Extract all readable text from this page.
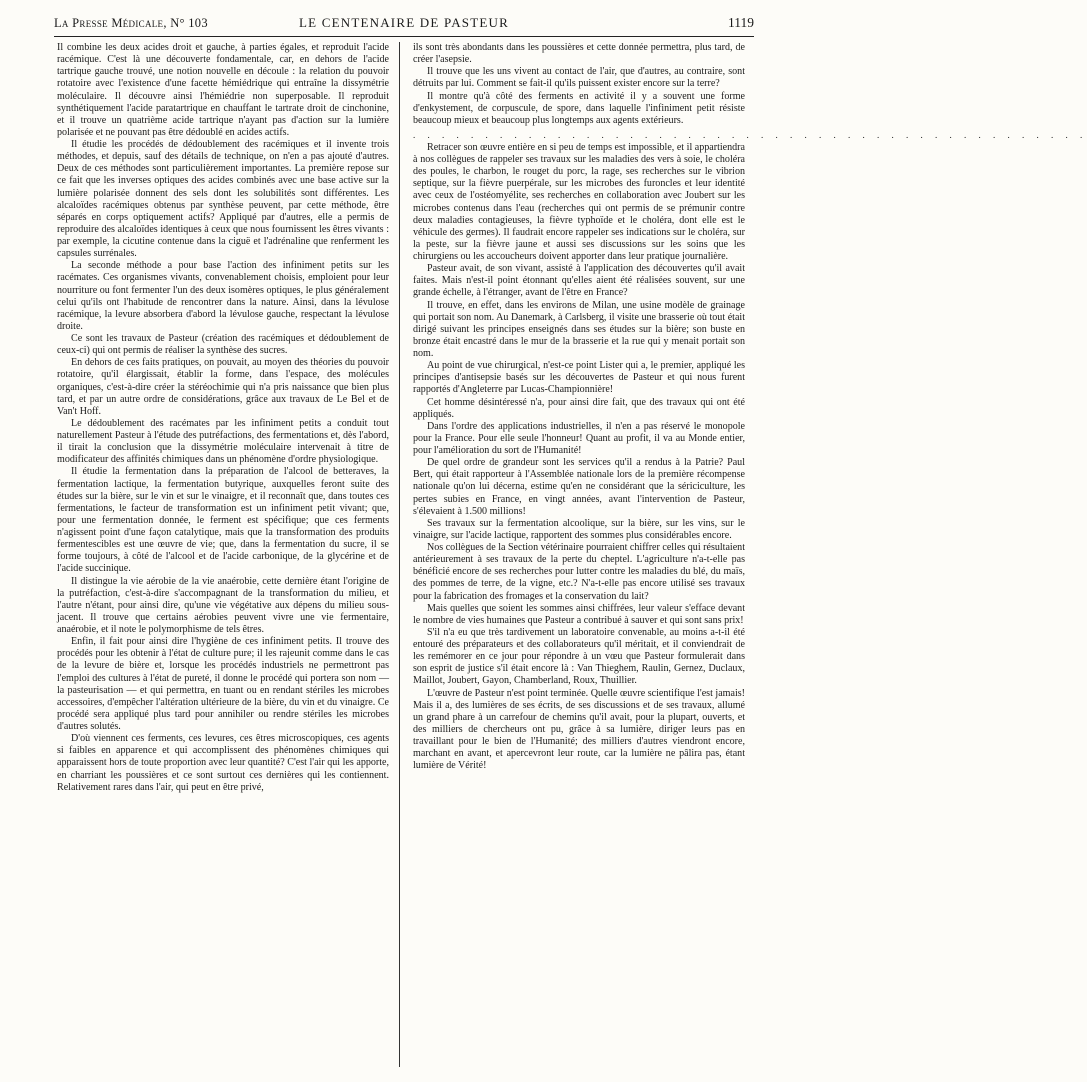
La Presse Médicale, N° 103	LE CENTENAIRE DE PASTEUR	1119

Il combine les deux acides droit et gauche, à parties égales, et reproduit l'acide racémique. C'est là une découverte fondamentale, car, en dehors de l'acide tartrique gauche trouvé, une notion nouvelle en découle : la relation du pouvoir rotatoire avec l'existence d'une facette hémiédrique qui entraîne la dissymétrie moléculaire. Il découvre ainsi l'hémiédrie non superposable. Il reproduit synthétiquement l'acide paratartrique en chauffant le tartrate droit de cinchonine, et il trouve un quatrième acide tartrique n'ayant pas d'action sur la lumière polarisée et ne pouvant pas être dédoublé en acides actifs.

Il étudie les procédés de dédoublement des racémiques et il invente trois méthodes, et depuis, sauf des détails de technique, on n'en a pas ajouté d'autres. Deux de ces méthodes sont particulièrement importantes. La première repose sur ce fait que les inverses optiques des acides combinés avec une base active sur la lumière polarisée donnent des sels dont les solubilités sont différentes. Les alcaloïdes racémiques obtenus par synthèse peuvent, par cette méthode, être séparés en corps optiquement actifs? Appliqué par d'autres, elle a permis de reproduire des alcaloïdes identiques à ceux que nous fournissent les êtres vivants : par exemple, la cicutine contenue dans la ciguë et l'adrénaline que renferment les capsules surrénales.

La seconde méthode a pour base l'action des infiniment petits sur les racémates. Ces organismes vivants, convenablement choisis, emploient pour leur nourriture ou font fermenter l'un des deux isomères optiques, le plus généralement celui qu'ils ont l'habitude de rencontrer dans la nature. Ainsi, dans la lévulose racémique, la levure absorbera d'abord la lévulose gauche, respectant la lévulose droite.

Ce sont les travaux de Pasteur (création des racémiques et dédoublement de ceux-ci) qui ont permis de réaliser la synthèse des sucres.

En dehors de ces faits pratiques, on pouvait, au moyen des théories du pouvoir rotatoire, qu'il élargissait, établir la forme, dans l'espace, des molécules organiques, c'est-à-dire créer la stéréochimie qui n'a pris naissance que bien plus tard, et par un autre ordre de considérations, grâce aux travaux de Le Bel et de Van't Hoff.

Le dédoublement des racémates par les infiniment petits a conduit tout naturellement Pasteur à l'étude des putréfactions, des fermentations et, dès l'abord, il tirait la conclusion que la dissymétrie moléculaire intervenait à titre de modificateur des affinités chimiques dans un phénomène d'ordre physiologique.

Il étudie la fermentation dans la préparation de l'alcool de betteraves, la fermentation lactique, la fermentation butyrique, auxquelles feront suite des études sur la bière, sur le vin et sur le vinaigre, et il reconnaît que, dans toutes ces fermentations, le facteur de transformation est un infiniment petit vivant; que, pour une fermentation donnée, le ferment est spécifique; que ces ferments n'agissent point d'une façon catalytique, mais que la transformation des produits fermentescibles est une œuvre de vie; que, dans la fermentation du sucre, il se forme toujours, à côté de l'alcool et de l'acide carbonique, de la glycérine et de l'acide succinique.

Il distingue la vie aérobie de la vie anaérobie, cette dernière étant l'origine de la putréfaction, c'est-à-dire s'accompagnant de la transformation du milieu, et l'autre n'étant, pour ainsi dire, qu'une vie végétative aux dépens du milieu sous-jacent. Il trouve que certains aérobies peuvent vivre une vie fermentaire, anaérobie, et il note le polymorphisme de tels êtres.

Enfin, il fait pour ainsi dire l'hygiène de ces infiniment petits. Il trouve des procédés pour les obtenir à l'état de culture pure; il les rajeunit comme dans le cas de la levure de bière et, lorsque les procédés industriels ne permettront pas l'emploi des cultures à l'état de pureté, il donne le procédé qui portera son nom — la pasteurisation — et qui permettra, en tuant ou en rendant stériles les microbes accessoires, d'empêcher l'altération ultérieure de la bière, du vin et du vinaigre. Ce procédé sera appliqué plus tard pour annihiler ou rendre stériles les microbes d'autres solutés.

D'où viennent ces ferments, ces levures, ces êtres microscopiques, ces agents si faibles en apparence et qui accomplissent des phénomènes chimiques qui apparaissent hors de toute proportion avec leur quantité? C'est l'air qui les apporte, en charriant les poussières et ce sont surtout ces dernières qui les contiennent. Relativement rares dans l'air, qui peut en être privé,

ils sont très abondants dans les poussières et cette donnée permettra, plus tard, de créer l'asepsie.

Il trouve que les uns vivent au contact de l'air, que d'autres, au contraire, sont détruits par lui. Comment se fait-il qu'ils puissent exister encore sur la terre?

Il montre qu'à côté des ferments en activité il y a souvent une forme d'enkystement, de corpuscule, de spore, dans laquelle l'infiniment petit résiste beaucoup mieux et beaucoup plus longtemps aux agents extérieurs.

. . . . . . . . . . . . . . . . . . . . . . . . . . . . . . . . . . . . . . . . . . . . . . .

Retracer son œuvre entière en si peu de temps est impossible, et il appartiendra à nos collègues de rappeler ses travaux sur les maladies des vers à soie, le choléra des poules, le charbon, le rouget du porc, la rage, ses recherches sur le vibrion septique, sur la fièvre puerpérale, sur les microbes des furoncles et leur identité avec ceux de l'ostéomyélite, ses recherches en collaboration avec Joubert sur les microbes contenus dans l'eau (recherches qui ont permis de se prémunir contre deux maladies contagieuses, la fièvre typhoïde et le choléra, dont elle est le véhicule des germes). Il faudrait encore rappeler ses indications sur le choléra, sur la peste, sur la fièvre jaune et aussi ses discussions sur les soins que les chirurgiens ou les accoucheurs doivent apporter dans leur pratique journalière.

Pasteur avait, de son vivant, assisté à l'application des découvertes qu'il avait faites. Mais n'est-il point étonnant qu'elles aient été réalisées souvent, sur une grande échelle, à l'étranger, avant de l'être en France?

Il trouve, en effet, dans les environs de Milan, une usine modèle de grainage qui portait son nom. Au Danemark, à Carlsberg, il visite une brasserie où tout était dirigé suivant les principes enseignés dans ses études sur la bière; son buste en bronze était encastré dans le mur de la brasserie et la rue qui y menait portait son nom.

Au point de vue chirurgical, n'est-ce point Lister qui a, le premier, appliqué les principes d'antisepsie basés sur les découvertes de Pasteur et qui nous furent rapportés d'Angleterre par Lucas-Championnière!

Cet homme désintéressé n'a, pour ainsi dire fait, que des travaux qui ont été appliqués.

Dans l'ordre des applications industrielles, il n'en a pas réservé le monopole pour la France. Pour elle seule l'honneur! Quant au profit, il va au Monde entier, pour l'amélioration du sort de l'Humanité!

De quel ordre de grandeur sont les services qu'il a rendus à la Patrie? Paul Bert, qui était rapporteur à l'Assemblée nationale lors de la première récompense nationale qu'on lui décerna, estime qu'en ne considérant que la sériciculture, les pertes subies en France, en vingt années, avant l'intervention de Pasteur, s'élevaient à 1.500 millions!

Ses travaux sur la fermentation alcoolique, sur la bière, sur les vins, sur le vinaigre, sur l'acide lactique, rapportent des sommes plus considérables encore.

Nos collègues de la Section vétérinaire pourraient chiffrer celles qui résultaient antérieurement à ses travaux de la perte du cheptel. L'agriculture n'a-t-elle pas bénéficié encore de ses recherches pour lutter contre les maladies du blé, du maïs, des pommes de terre, de la vigne, etc.? N'a-t-elle pas encore utilisé ses travaux pour la fabrication des fromages et la conservation du lait?

Mais quelles que soient les sommes ainsi chiffrées, leur valeur s'efface devant le nombre de vies humaines que Pasteur a contribué à sauver et qui sont sans prix!

S'il n'a eu que très tardivement un laboratoire convenable, au moins a-t-il été entouré des préparateurs et des collaborateurs qu'il méritait, et il conviendrait de les remémorer en ce jour pour répondre à un vœu que Pasteur formulerait dans son esprit de justice s'il était encore là : Van Thieghem, Raulin, Gernez, Duclaux, Maillot, Joubert, Gayon, Chamberland, Roux, Thuillier.

L'œuvre de Pasteur n'est point terminée. Quelle œuvre scientifique l'est jamais! Mais il a, des lumières de ses écrits, de ses discussions et de ses travaux, allumé un grand phare à un carrefour de chemins qu'il avait, pour la plupart, ouverts, et des milliers de chercheurs ont pu, grâce à sa lumière, diriger leurs pas en travaillant pour le bien de l'Humanité; des milliers d'autres viendront encore, marchant en avant, et apercevront leur route, car la lumière ne pâlira pas, étant lumière de Vérité!
